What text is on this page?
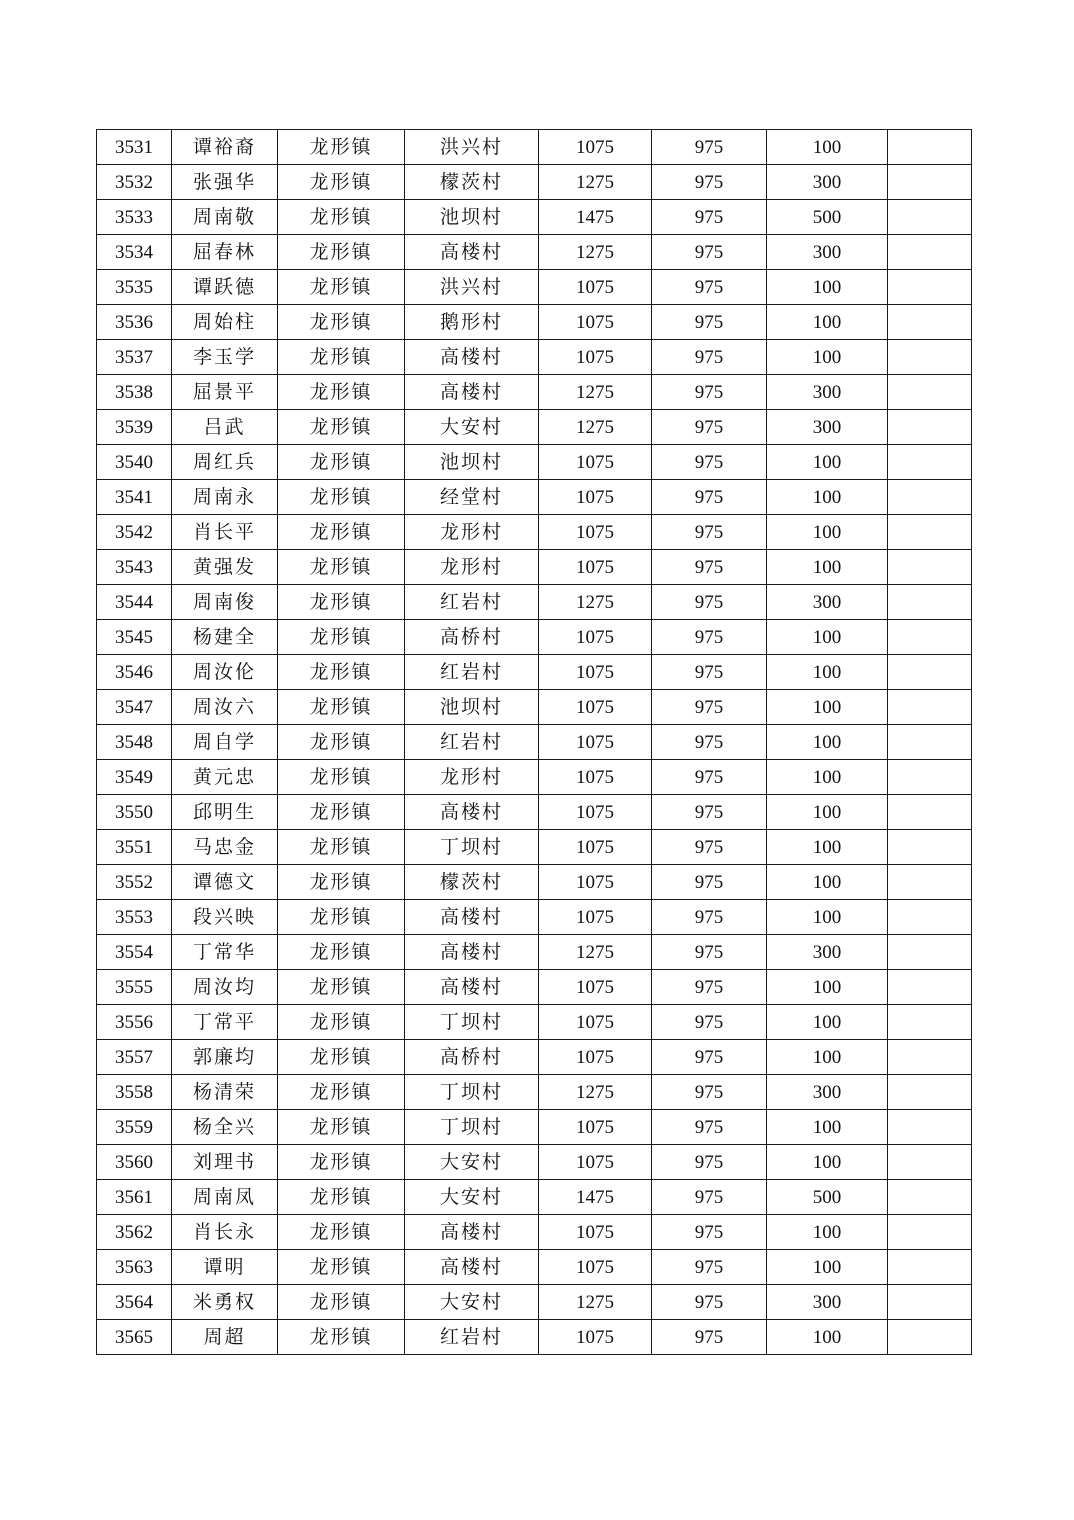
3531	谭裕裔	龙形镇	洪兴村	1075	975	100	
3532	张强华	龙形镇	檬茨村	1275	975	300	
3533	周南敬	龙形镇	池坝村	1475	975	500	
3534	屈春林	龙形镇	高楼村	1275	975	300	
3535	谭跃德	龙形镇	洪兴村	1075	975	100	
3536	周始柱	龙形镇	鹅形村	1075	975	100	
3537	李玉学	龙形镇	高楼村	1075	975	100	
3538	屈景平	龙形镇	高楼村	1275	975	300	
3539	吕武	龙形镇	大安村	1275	975	300	
3540	周红兵	龙形镇	池坝村	1075	975	100	
3541	周南永	龙形镇	经堂村	1075	975	100	
3542	肖长平	龙形镇	龙形村	1075	975	100	
3543	黄强发	龙形镇	龙形村	1075	975	100	
3544	周南俊	龙形镇	红岩村	1275	975	300	
3545	杨建全	龙形镇	高桥村	1075	975	100	
3546	周汝伦	龙形镇	红岩村	1075	975	100	
3547	周汝六	龙形镇	池坝村	1075	975	100	
3548	周自学	龙形镇	红岩村	1075	975	100	
3549	黄元忠	龙形镇	龙形村	1075	975	100	
3550	邱明生	龙形镇	高楼村	1075	975	100	
3551	马忠金	龙形镇	丁坝村	1075	975	100	
3552	谭德文	龙形镇	檬茨村	1075	975	100	
3553	段兴映	龙形镇	高楼村	1075	975	100	
3554	丁常华	龙形镇	高楼村	1275	975	300	
3555	周汝均	龙形镇	高楼村	1075	975	100	
3556	丁常平	龙形镇	丁坝村	1075	975	100	
3557	郭廉均	龙形镇	高桥村	1075	975	100	
3558	杨清荣	龙形镇	丁坝村	1275	975	300	
3559	杨全兴	龙形镇	丁坝村	1075	975	100	
3560	刘理书	龙形镇	大安村	1075	975	100	
3561	周南凤	龙形镇	大安村	1475	975	500	
3562	肖长永	龙形镇	高楼村	1075	975	100	
3563	谭明	龙形镇	高楼村	1075	975	100	
3564	米勇权	龙形镇	大安村	1275	975	300	
3565	周超	龙形镇	红岩村	1075	975	100	
